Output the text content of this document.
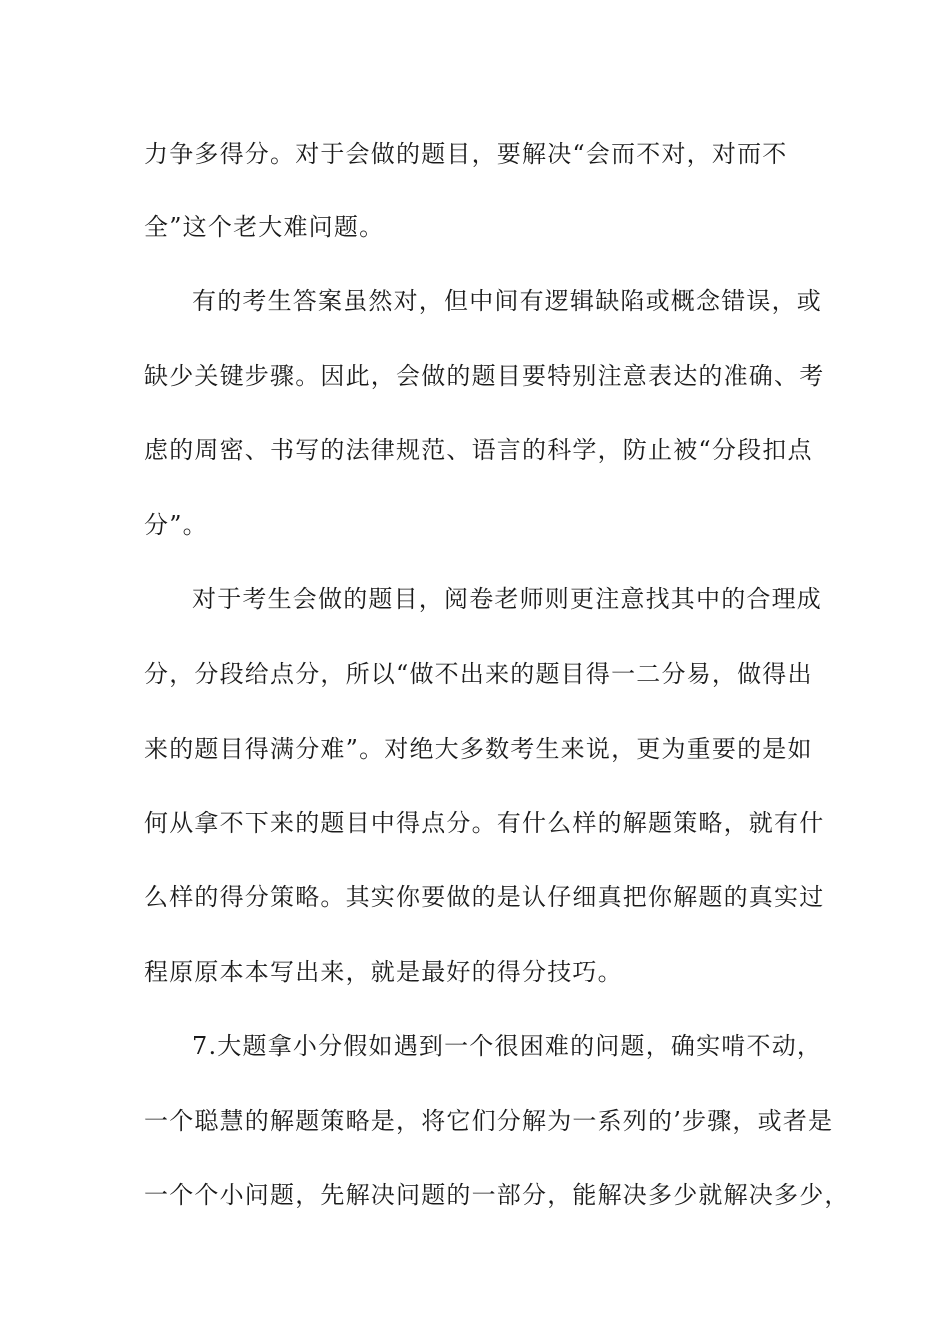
力争多得分。对于会做的题目，要解决“会而不对，对而不
全”这个老大难问题。
有的考生答案虽然对，但中间有逻辑缺陷或概念错误，或
缺少关键步骤。因此，会做的题目要特别注意表达的准确、考
虑的周密、书写的法律规范、语言的科学，防止被“分段扣点
分”。
对于考生会做的题目，阅卷老师则更注意找其中的合理成
分，分段给点分，所以“做不出来的题目得一二分易，做得出
来的题目得满分难”。对绝大多数考生来说，更为重要的是如
何从拿不下来的题目中得点分。有什么样的解题策略，就有什
么样的得分策略。其实你要做的是认仔细真把你解题的真实过
程原原本本写出来，就是最好的得分技巧。
7.大题拿小分假如遇到一个很困难的问题，确实啃不动，
一个聪慧的解题策略是，将它们分解为一系列的’步骤，或者是
一个个小问题，先解决问题的一部分，能解决多少就解决多少，
